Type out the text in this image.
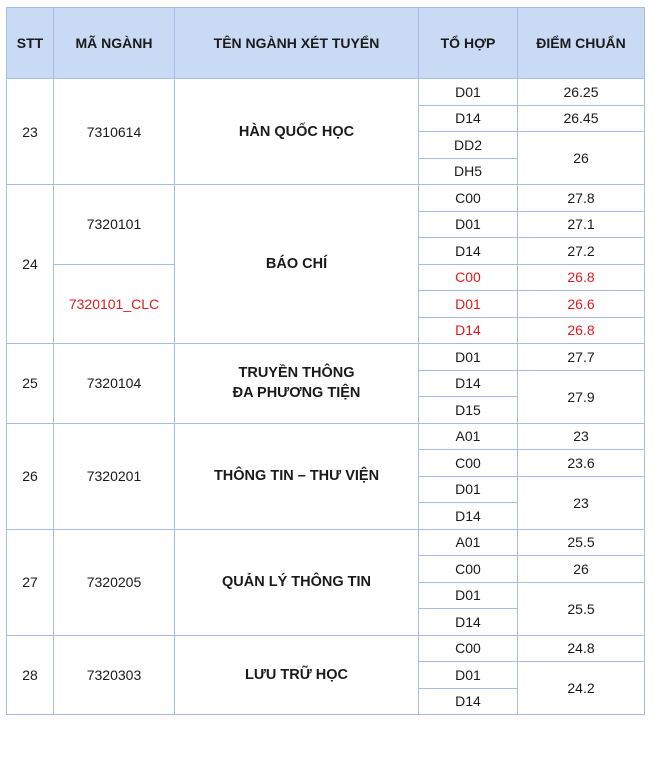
STT	MÃ NGÀNH	TÊN NGÀNH XÉT TUYỂN	TỔ HỢP	ĐIỂM CHUẨN
23	7310614	HÀN QUỐC HỌC	D01	26.25
			D14	26.45
			DD2	26
			DH5	
24	7320101	BÁO CHÍ	C00	27.8
			D01	27.1
			D14	27.2
	7320101_CLC		C00	26.8
			D01	26.6
			D14	26.8
25	7320104	TRUYỀN THÔNG
ĐA PHƯƠNG TIỆN	D01	27.7
			D14	27.9
			D15	
26	7320201	THÔNG TIN – THƯ VIỆN	A01	23
			C00	23.6
			D01	23
			D14	
27	7320205	QUẢN LÝ THÔNG TIN	A01	25.5
			C00	26
			D01	25.5
			D14	
28	7320303	LƯU TRỮ HỌC	C00	24.8
			D01	24.2
			D14	
